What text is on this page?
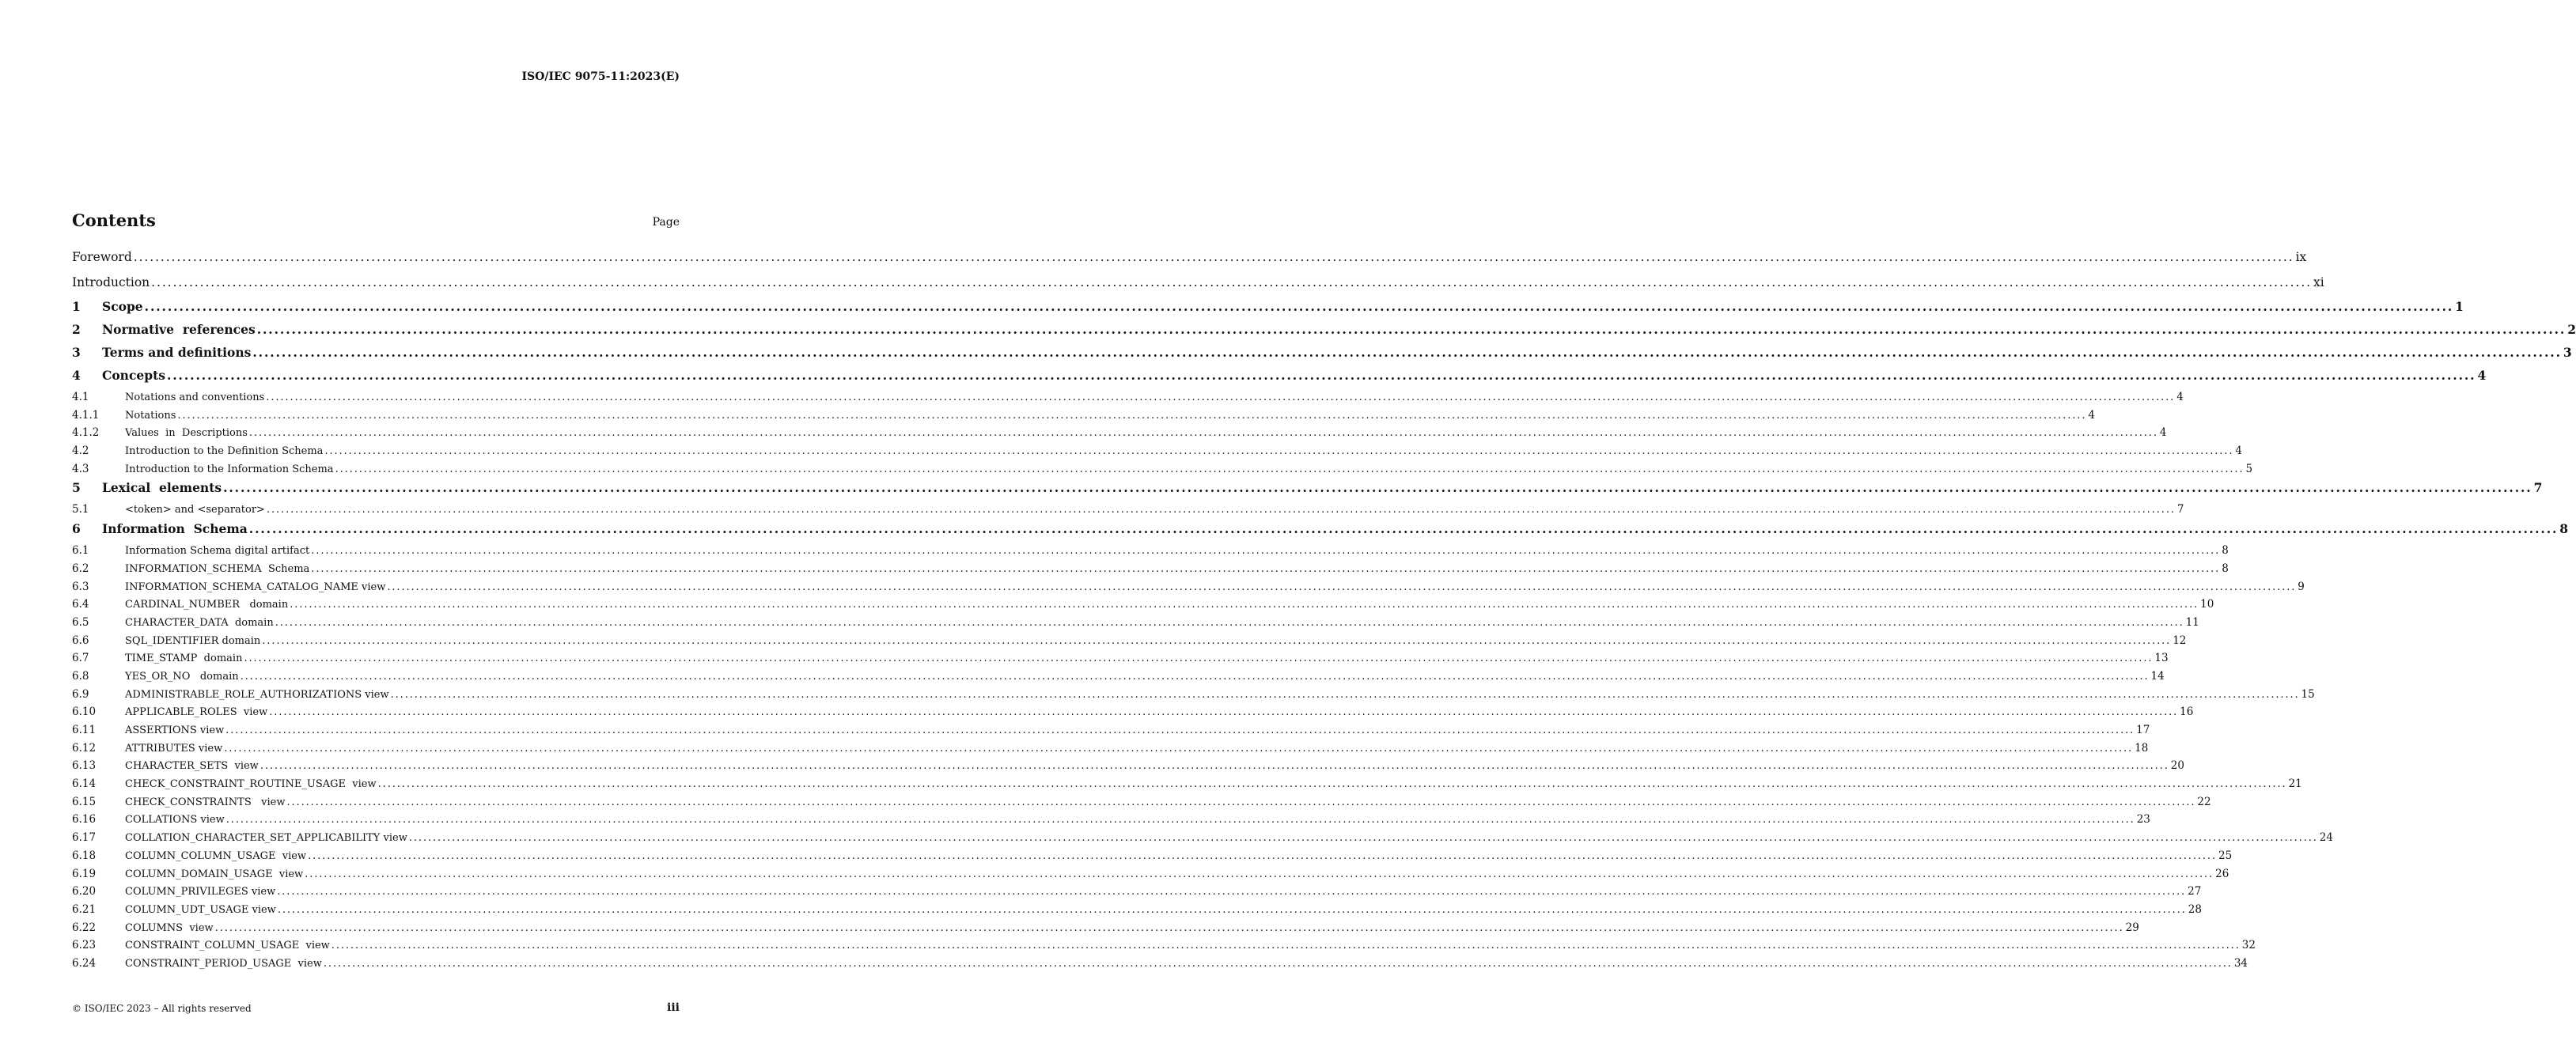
ISO/IEC 9075-11:2023(E)
Contents	Page
Foreword ................................................................................................................................................................................................................................................................................................................................................................................................................ ix
Introduction ................................................................................................................................................................................................................................................................................................................................................................................................................ xi
1	Scope ................................................................................................................................................................................................................................................................................................................................................................................................................ 1
2	Normative  references ................................................................................................................................................................................................................................................................................................................................................................................................................ 2
3	Terms and definitions ................................................................................................................................................................................................................................................................................................................................................................................................................ 3
4	Concepts ................................................................................................................................................................................................................................................................................................................................................................................................................ 4
4.1	Notations and conventions ................................................................................................................................................................................................................................................................................................................................................................................................................ 4
4.1.1	Notations ................................................................................................................................................................................................................................................................................................................................................................................................................ 4
4.1.2	Values  in  Descriptions ................................................................................................................................................................................................................................................................................................................................................................................................................ 4
4.2	Introduction to the Definition Schema ................................................................................................................................................................................................................................................................................................................................................................................................................ 4
4.3	Introduction to the Information Schema ................................................................................................................................................................................................................................................................................................................................................................................................................ 5
5	Lexical  elements ................................................................................................................................................................................................................................................................................................................................................................................................................ 7
5.1	<token> and <separator> ................................................................................................................................................................................................................................................................................................................................................................................................................ 7
6	Information  Schema ................................................................................................................................................................................................................................................................................................................................................................................................................ 8
6.1	Information Schema digital artifact ................................................................................................................................................................................................................................................................................................................................................................................................................ 8
6.2	INFORMATION_SCHEMA  Schema ................................................................................................................................................................................................................................................................................................................................................................................................................ 8
6.3	INFORMATION_SCHEMA_CATALOG_NAME view ................................................................................................................................................................................................................................................................................................................................................................................................................ 9
6.4	CARDINAL_NUMBER   domain ................................................................................................................................................................................................................................................................................................................................................................................................................ 10
6.5	CHARACTER_DATA  domain ................................................................................................................................................................................................................................................................................................................................................................................................................ 11
6.6	SQL_IDENTIFIER domain ................................................................................................................................................................................................................................................................................................................................................................................................................ 12
6.7	TIME_STAMP  domain ................................................................................................................................................................................................................................................................................................................................................................................................................ 13
6.8	YES_OR_NO   domain ................................................................................................................................................................................................................................................................................................................................................................................................................ 14
6.9	ADMINISTRABLE_ROLE_AUTHORIZATIONS view ................................................................................................................................................................................................................................................................................................................................................................................................................ 15
6.10	APPLICABLE_ROLES  view ................................................................................................................................................................................................................................................................................................................................................................................................................ 16
6.11	ASSERTIONS view ................................................................................................................................................................................................................................................................................................................................................................................................................ 17
6.12	ATTRIBUTES view ................................................................................................................................................................................................................................................................................................................................................................................................................ 18
6.13	CHARACTER_SETS  view ................................................................................................................................................................................................................................................................................................................................................................................................................ 20
6.14	CHECK_CONSTRAINT_ROUTINE_USAGE  view ................................................................................................................................................................................................................................................................................................................................................................................................................ 21
6.15	CHECK_CONSTRAINTS   view ................................................................................................................................................................................................................................................................................................................................................................................................................ 22
6.16	COLLATIONS view ................................................................................................................................................................................................................................................................................................................................................................................................................ 23
6.17	COLLATION_CHARACTER_SET_APPLICABILITY view ................................................................................................................................................................................................................................................................................................................................................................................................................ 24
6.18	COLUMN_COLUMN_USAGE  view ................................................................................................................................................................................................................................................................................................................................................................................................................ 25
6.19	COLUMN_DOMAIN_USAGE  view ................................................................................................................................................................................................................................................................................................................................................................................................................ 26
6.20	COLUMN_PRIVILEGES view ................................................................................................................................................................................................................................................................................................................................................................................................................ 27
6.21	COLUMN_UDT_USAGE view ................................................................................................................................................................................................................................................................................................................................................................................................................ 28
6.22	COLUMNS  view ................................................................................................................................................................................................................................................................................................................................................................................................................ 29
6.23	CONSTRAINT_COLUMN_USAGE  view ................................................................................................................................................................................................................................................................................................................................................................................................................ 32
6.24	CONSTRAINT_PERIOD_USAGE  view ................................................................................................................................................................................................................................................................................................................................................................................................................ 34
© ISO/IEC 2023 – All rights reserved	iii
